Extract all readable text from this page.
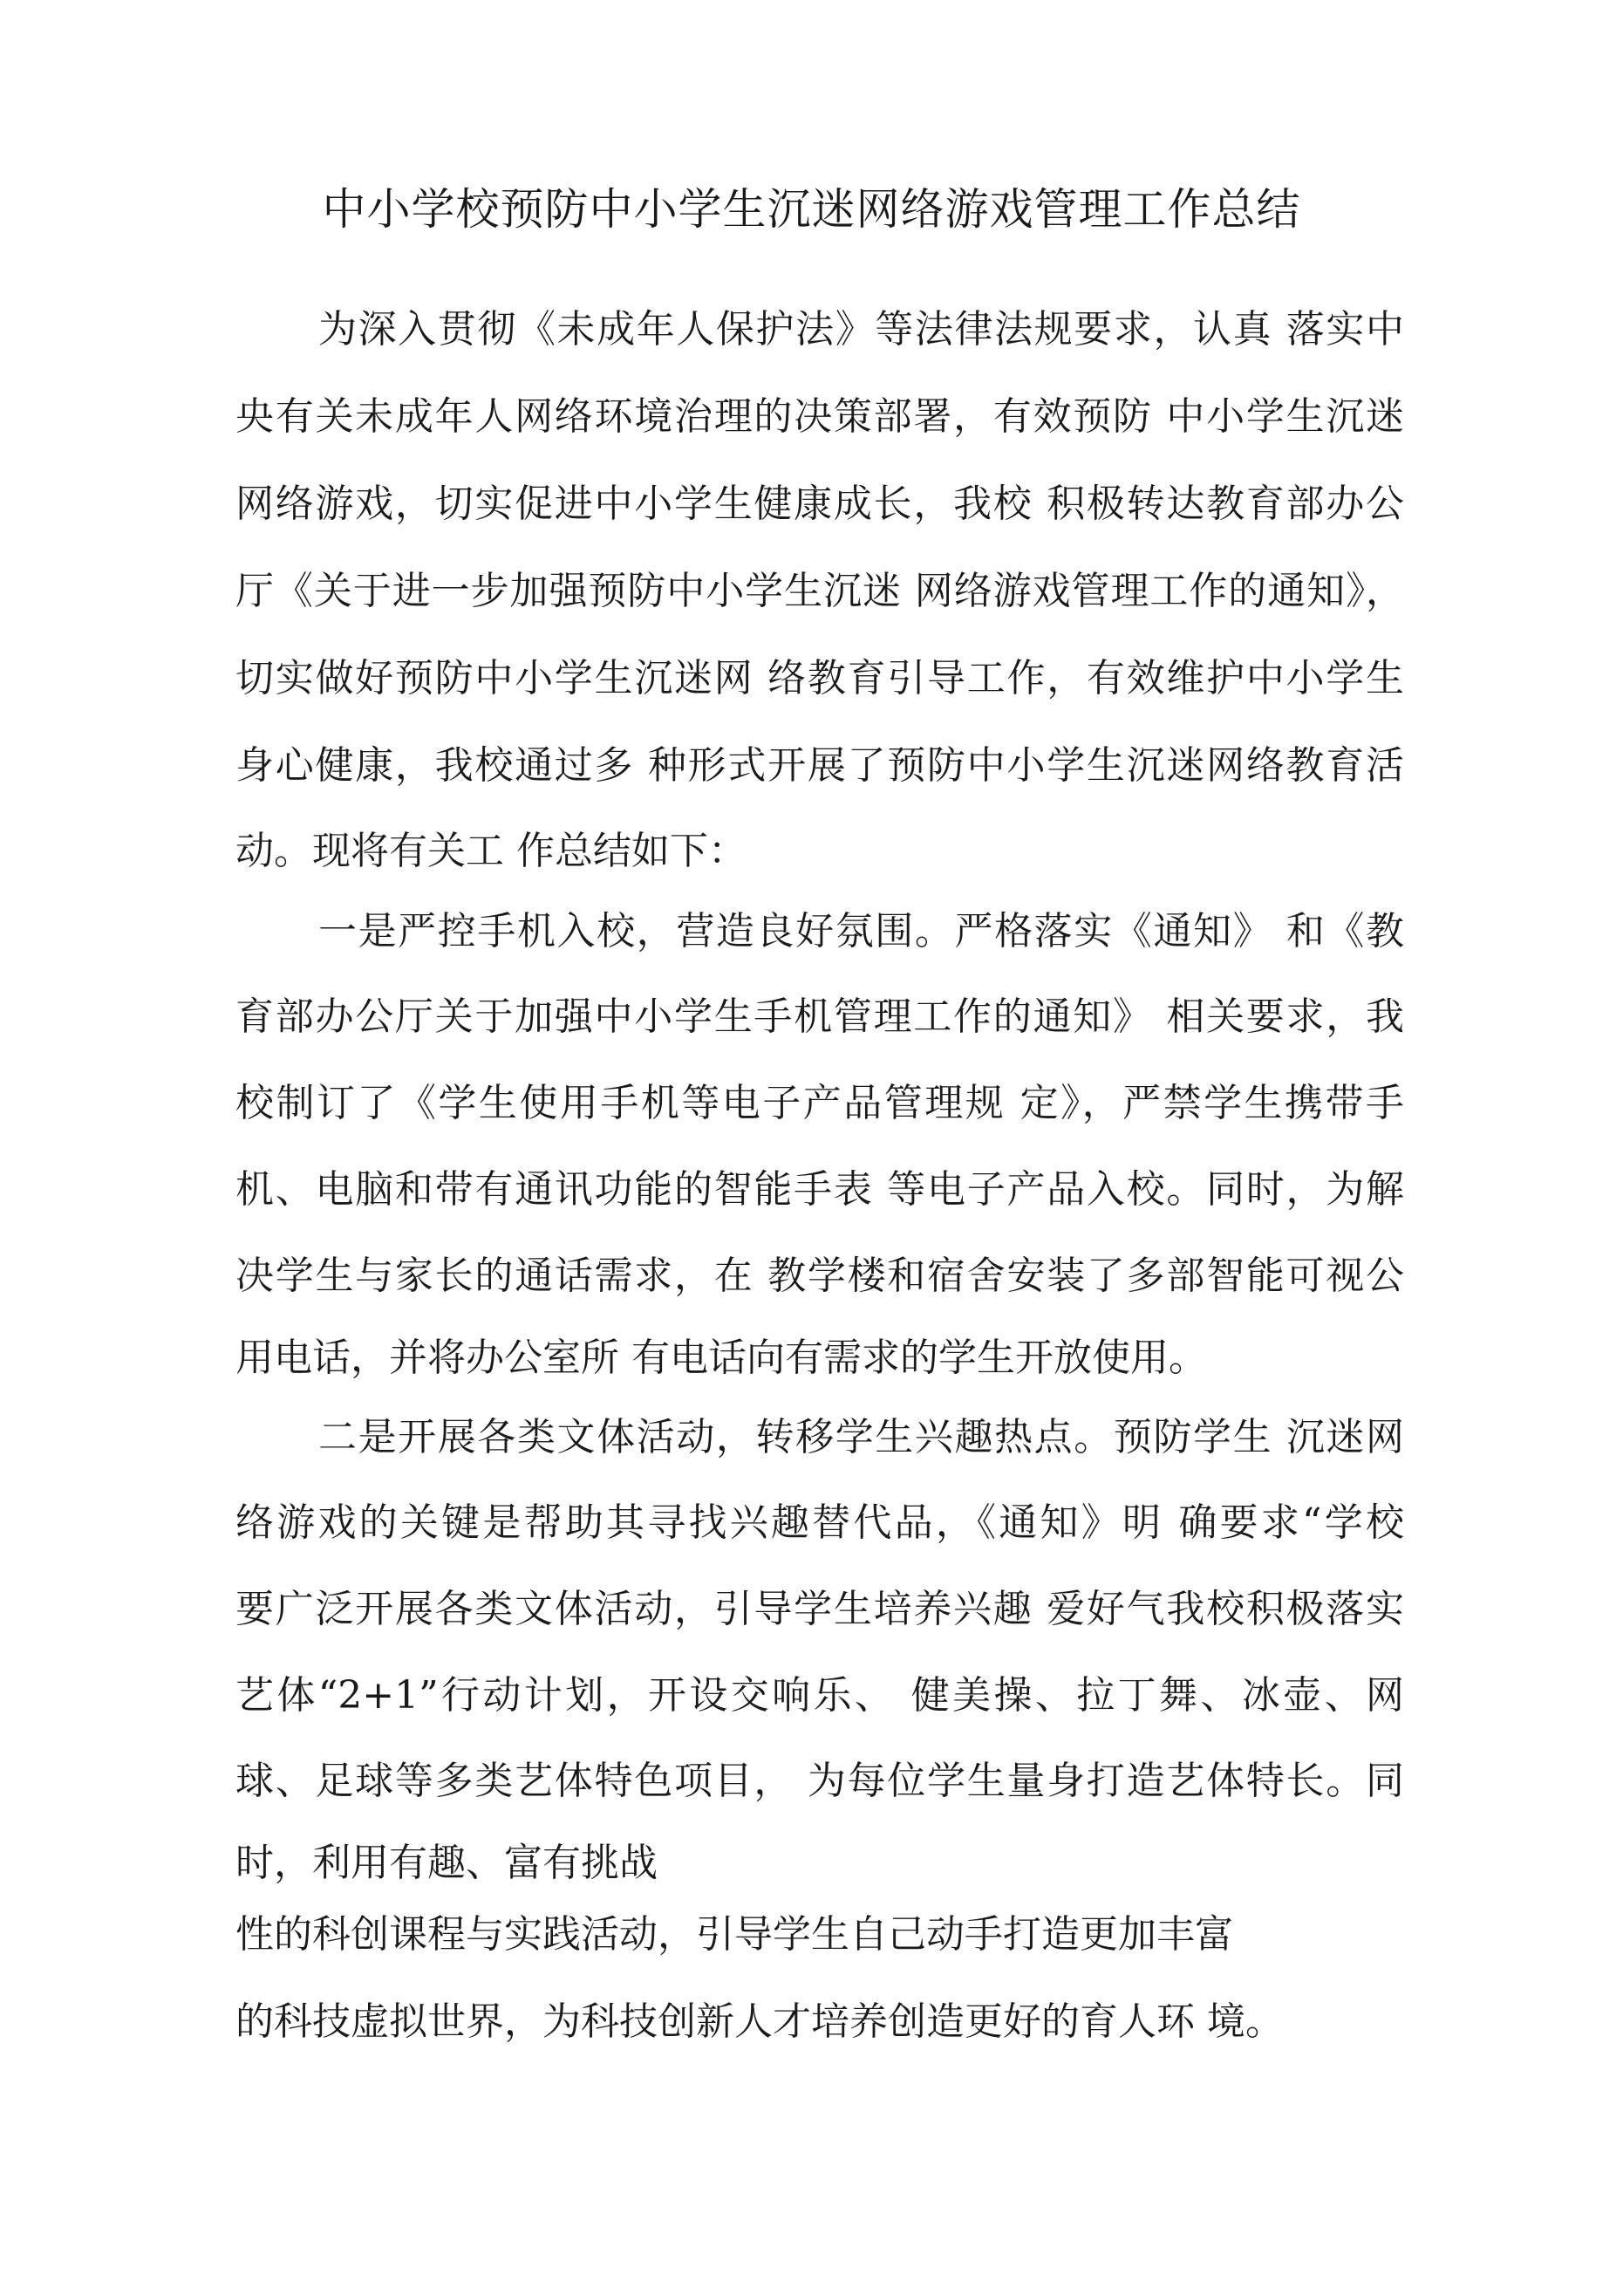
中小学校预防中小学生沉迷网络游戏管理工作总结
为深入贯彻《未成年人保护法》等法律法规要求，认真 落实中
央有关未成年人网络环境治理的决策部署，有效预防 中小学生沉迷
网络游戏，切实促进中小学生健康成长，我校 积极转达教育部办公
厅《关于进一步加强预防中小学生沉迷 网络游戏管理工作的通知》，
切实做好预防中小学生沉迷网 络教育引导工作，有效维护中小学生
身心健康，我校通过多 种形式开展了预防中小学生沉迷网络教育活
动。现将有关工 作总结如下：
一是严控手机入校，营造良好氛围。严格落实《通知》 和《教
育部办公厅关于加强中小学生手机管理工作的通知》 相关要求，我
校制订了《学生使用手机等电子产品管理规 定》，严禁学生携带手
机、电脑和带有通讯功能的智能手表 等电子产品入校。同时，为解
决学生与家长的通话需求，在 教学楼和宿舍安装了多部智能可视公
用电话，并将办公室所 有电话向有需求的学生开放使用。
二是开展各类文体活动，转移学生兴趣热点。预防学生 沉迷网
络游戏的关键是帮助其寻找兴趣替代品，《通知》明 确要求“学校
要广泛开展各类文体活动，引导学生培养兴趣 爱好气我校积极落实
艺体“2+1”行动计划，开设交响乐、 健美操、拉丁舞、冰壶、网
球、足球等多类艺体特色项目， 为每位学生量身打造艺体特长。同
时，利用有趣、富有挑战
性的科创课程与实践活动，引导学生自己动手打造更加丰富
的科技虚拟世界，为科技创新人才培养创造更好的育人环 境。
